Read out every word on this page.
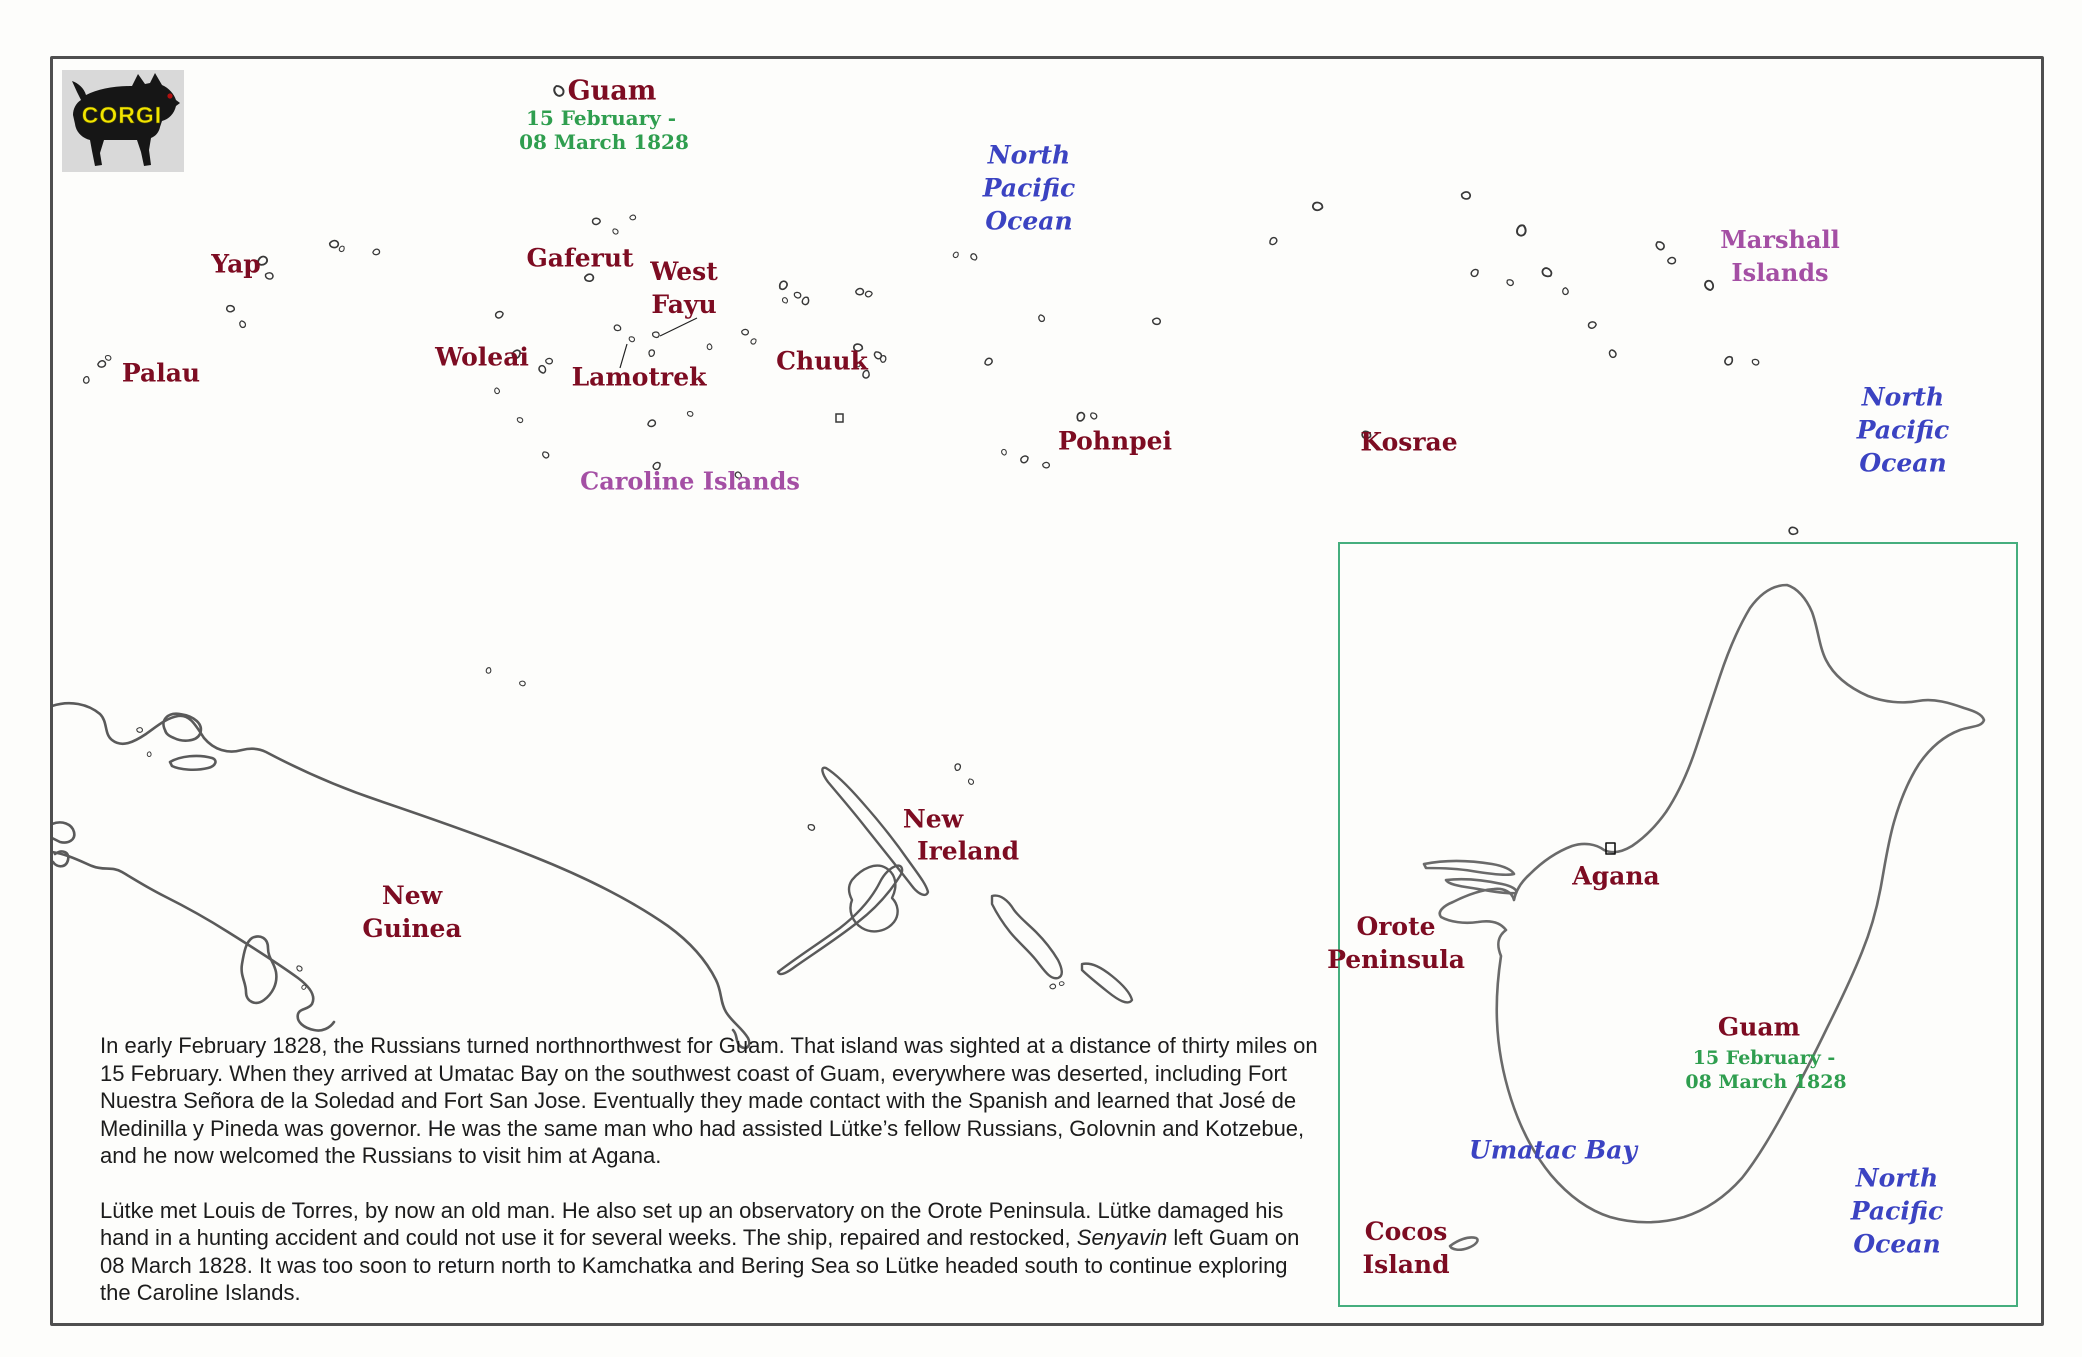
CORGI
Guam
15 February -
08 March 1828	North
Pacific
Ocean
Marshall
Islands
North
Pacific
Ocean
Yap	Gaferut West
Fayu
Woleai
Lamotrek
Chuuk
Palau
Pohnpei	Kosrae
Caroline Islands
New
Guinea
New
Ireland
Agana
Orote
Peninsula
Guam
15 February -
08 March 1828
Umatac Bay
Cocos
Island
North
Pacific
Ocean

In early February 1828, the Russians turned northnorthwest for Guam. That island was sighted at a distance of thirty miles on 15 February. When they arrived at Umatac Bay on the southwest coast of Guam, everywhere was deserted, including Fort Nuestra Señora de la Soledad and Fort San Jose. Eventually they made contact with the Spanish and learned that José de Medinilla y Pineda was governor. He was the same man who had assisted Lütke’s fellow Russians, Golovnin and Kotzebue, and he now welcomed the Russians to visit him at Agana.

Lütke met Louis de Torres, by now an old man. He also set up an observatory on the Orote Peninsula. Lütke damaged his hand in a hunting accident and could not use it for several weeks. The ship, repaired and restocked, Senyavin left Guam on 08 March 1828. It was too soon to return north to Kamchatka and Bering Sea so Lütke headed south to continue exploring the Caroline Islands.
